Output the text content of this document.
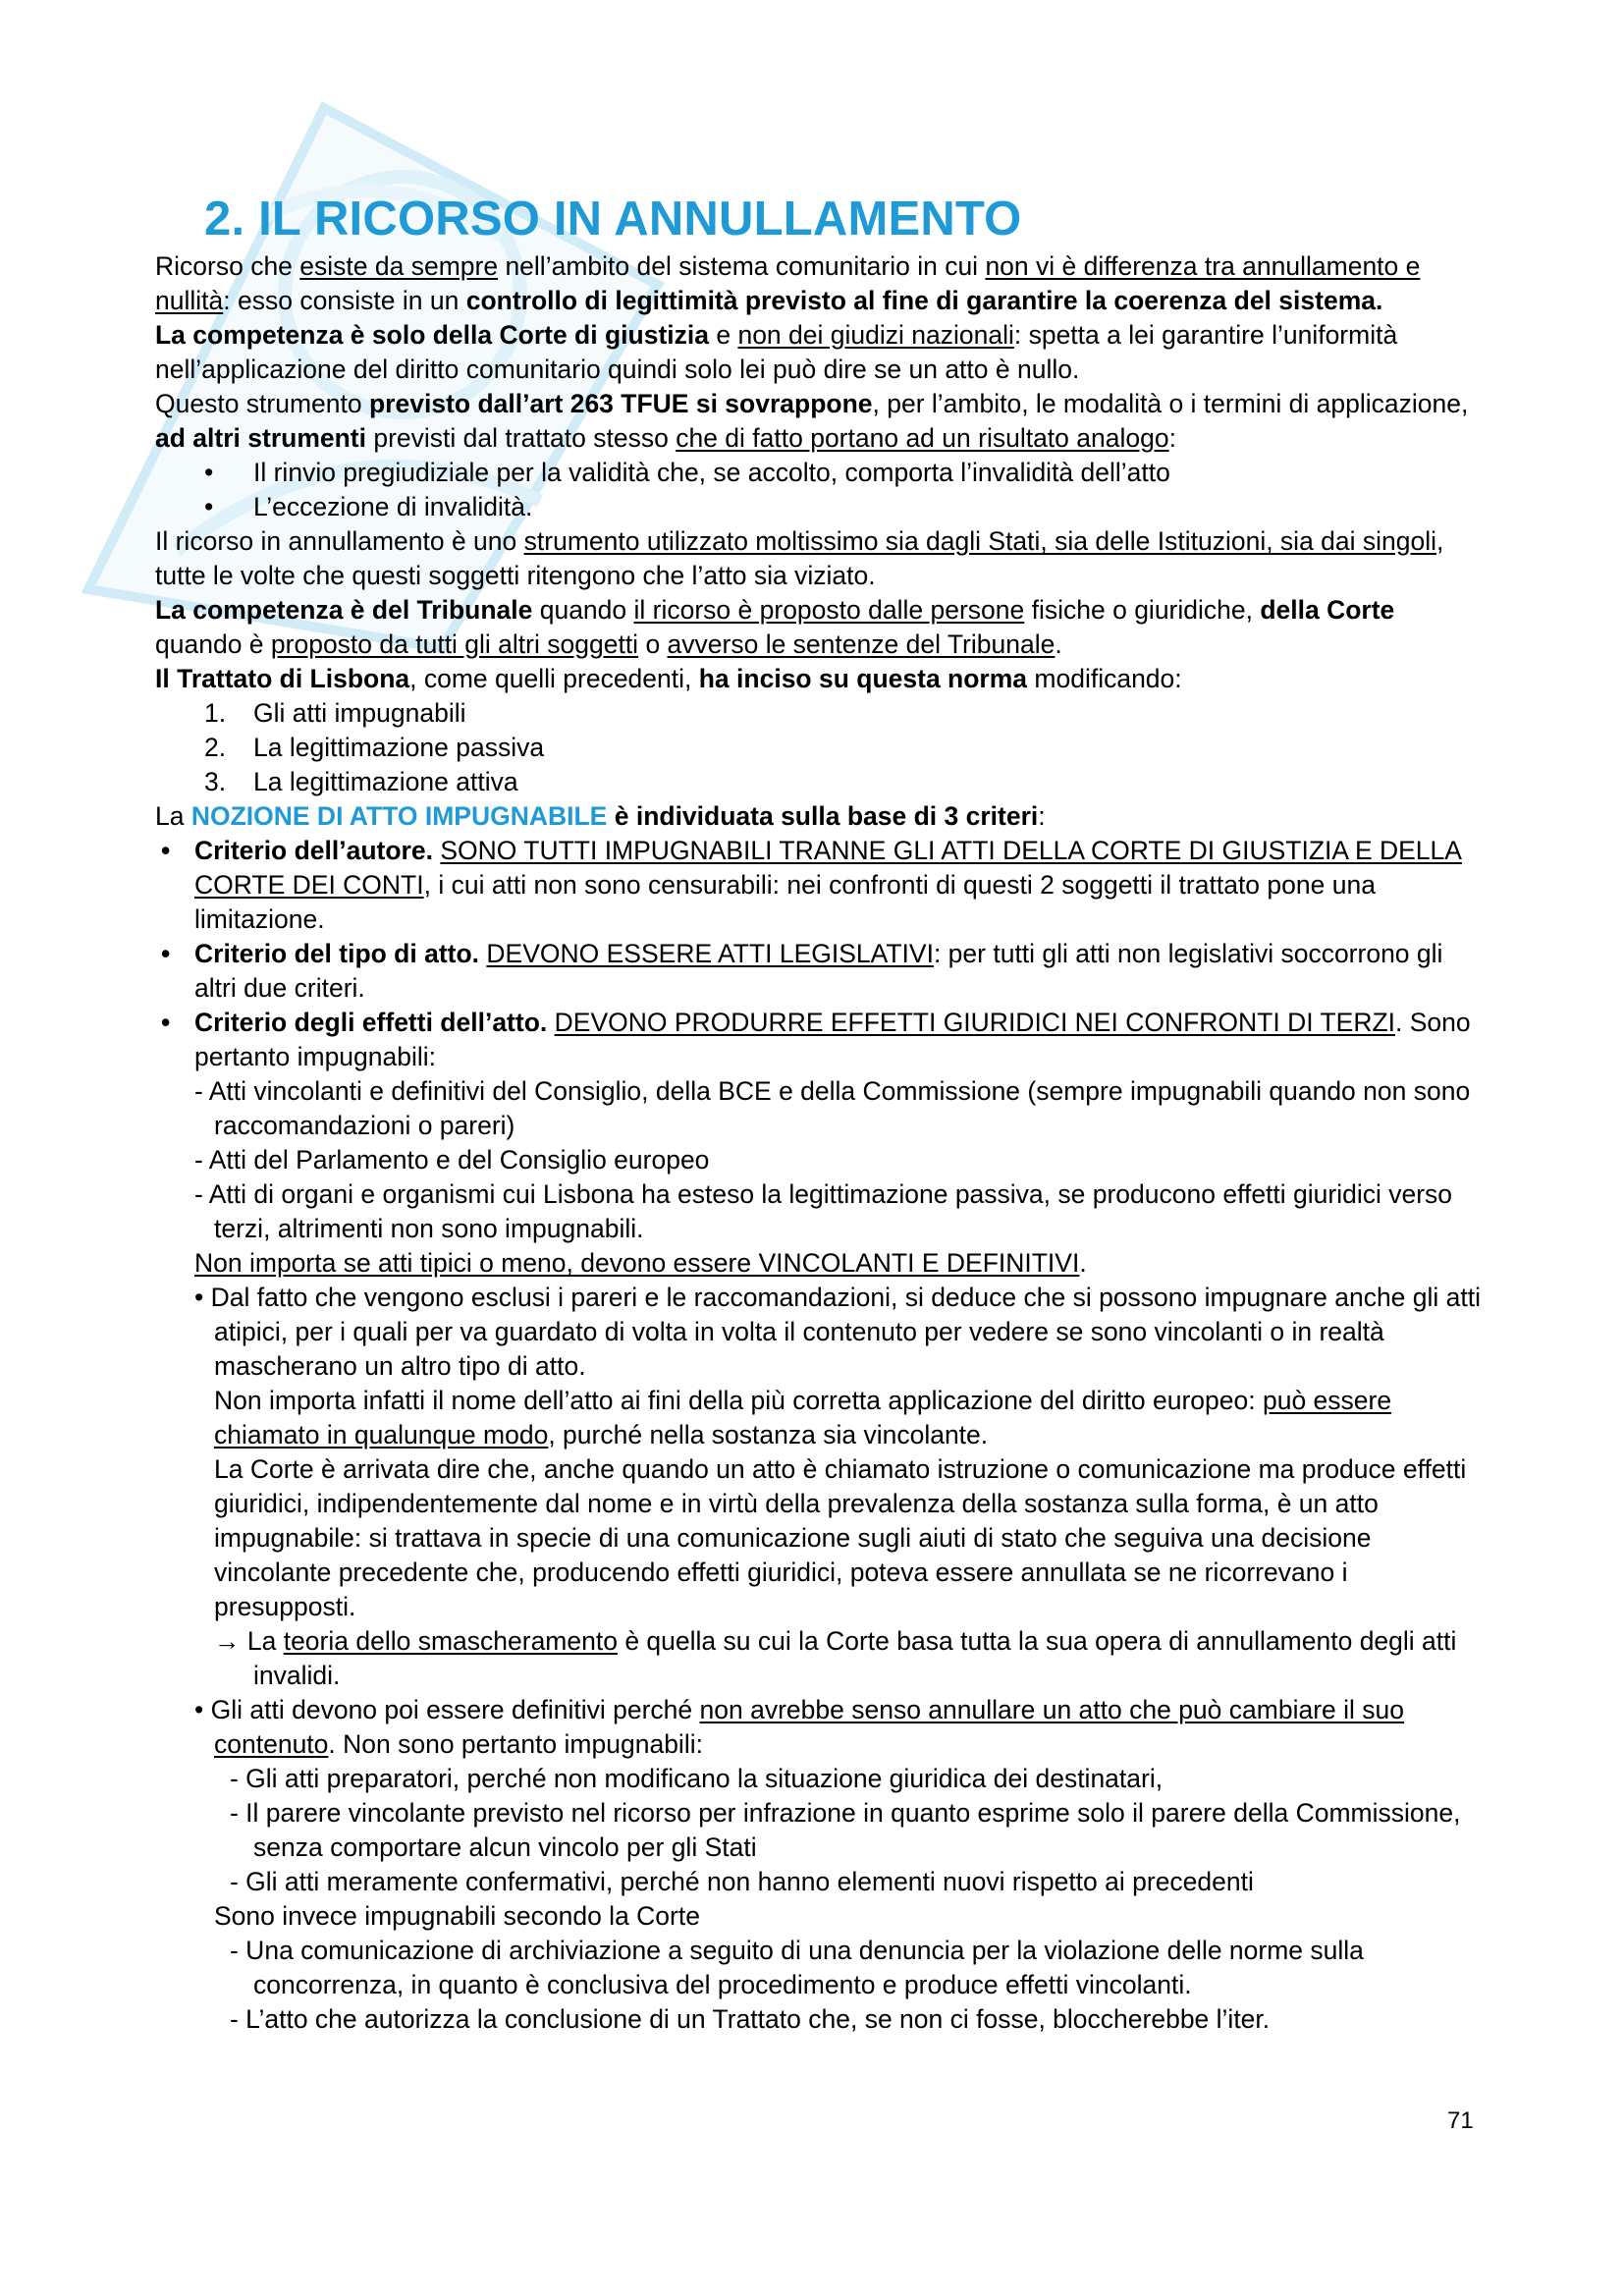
2. IL RICORSO IN ANNULLAMENTO

Ricorso che esiste da sempre nell’ambito del sistema comunitario in cui non vi è differenza tra annullamento e nullità: esso consiste in un controllo di legittimità previsto al fine di garantire la coerenza del sistema.

La competenza è solo della Corte di giustizia e non dei giudizi nazionali: spetta a lei garantire l’uniformità nell’applicazione del diritto comunitario quindi solo lei può dire se un atto è nullo.

Questo strumento previsto dall’art 263 TFUE si sovrappone, per l’ambito, le modalità o i termini di applicazione, ad altri strumenti previsti dal trattato stesso che di fatto portano ad un risultato analogo:

• Il rinvio pregiudiziale per la validità che, se accolto, comporta l’invalidità dell’atto
• L’eccezione di invalidità.

Il ricorso in annullamento è uno strumento utilizzato moltissimo sia dagli Stati, sia delle Istituzioni, sia dai singoli, tutte le volte che questi soggetti ritengono che l’atto sia viziato.

La competenza è del Tribunale quando il ricorso è proposto dalle persone fisiche o giuridiche, della Corte quando è proposto da tutti gli altri soggetti o avverso le sentenze del Tribunale.

Il Trattato di Lisbona, come quelli precedenti, ha inciso su questa norma modificando:

1. Gli atti impugnabili
2. La legittimazione passiva
3. La legittimazione attiva

La NOZIONE DI ATTO IMPUGNABILE è individuata sulla base di 3 criteri:

• Criterio dell’autore. SONO TUTTI IMPUGNABILI TRANNE GLI ATTI DELLA CORTE DI GIUSTIZIA E DELLA CORTE DEI CONTI, i cui atti non sono censurabili: nei confronti di questi 2 soggetti il trattato pone una limitazione.
• Criterio del tipo di atto. DEVONO ESSERE ATTI LEGISLATIVI: per tutti gli atti non legislativi soccorrono gli altri due criteri.
• Criterio degli effetti dell’atto. DEVONO PRODURRE EFFETTI GIURIDICI NEI CONFRONTI DI TERZI. Sono pertanto impugnabili:

- Atti vincolanti e definitivi del Consiglio, della BCE e della Commissione (sempre impugnabili quando non sono raccomandazioni o pareri)

- Atti del Parlamento e del Consiglio europeo

- Atti di organi e organismi cui Lisbona ha esteso la legittimazione passiva, se producono effetti giuridici verso terzi, altrimenti non sono impugnabili.

Non importa se atti tipici o meno, devono essere VINCOLANTI E DEFINITIVI.

• Dal fatto che vengono esclusi i pareri e le raccomandazioni, si deduce che si possono impugnare anche gli atti atipici, per i quali per va guardato di volta in volta il contenuto per vedere se sono vincolanti o in realtà mascherano un altro tipo di atto.

Non importa infatti il nome dell’atto ai fini della più corretta applicazione del diritto europeo: può essere chiamato in qualunque modo, purché nella sostanza sia vincolante.

La Corte è arrivata dire che, anche quando un atto è chiamato istruzione o comunicazione ma produce effetti giuridici, indipendentemente dal nome e in virtù della prevalenza della sostanza sulla forma, è un atto impugnabile: si trattava in specie di una comunicazione sugli aiuti di stato che seguiva una decisione vincolante precedente che, producendo effetti giuridici, poteva essere annullata se ne ricorrevano i presupposti.

→ La teoria dello smascheramento è quella su cui la Corte basa tutta la sua opera di annullamento degli atti invalidi.

• Gli atti devono poi essere definitivi perché non avrebbe senso annullare un atto che può cambiare il suo contenuto. Non sono pertanto impugnabili:

- Gli atti preparatori, perché non modificano la situazione giuridica dei destinatari,

- Il parere vincolante previsto nel ricorso per infrazione in quanto esprime solo il parere della Commissione, senza comportare alcun vincolo per gli Stati

- Gli atti meramente confermativi, perché non hanno elementi nuovi rispetto ai precedenti

Sono invece impugnabili secondo la Corte

- Una comunicazione di archiviazione a seguito di una denuncia per la violazione delle norme sulla concorrenza, in quanto è conclusiva del procedimento e produce effetti vincolanti.

- L’atto che autorizza la conclusione di un Trattato che, se non ci fosse, bloccherebbe l’iter.

71
